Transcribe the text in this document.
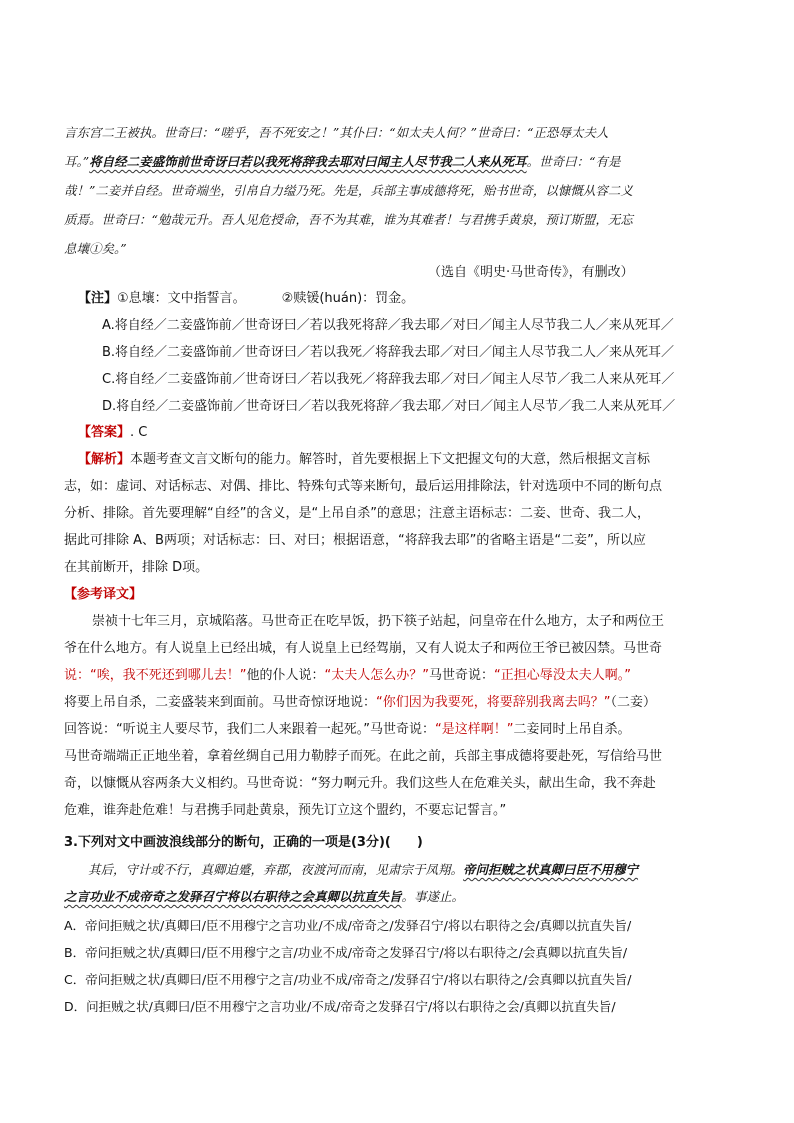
言东宫二王被执。世奇曰：“嗟乎，吾不死安之！”其仆曰：“如太夫人何？”世奇曰：“正恐辱太夫人
耳。”将自经二妾盛饰前世奇讶曰若以我死将辞我去耶对曰闻主人尽节我二人来从死耳。世奇曰：“有是
哉！”二妾并自经。世奇端坐，引帛自力缢乃死。先是，兵部主事成德将死，贻书世奇，以慷慨从容二义
质焉。世奇曰：“勉哉元升。吾人见危授命，吾不为其难，谁为其难者！与君携手黄泉，预订斯盟，无忘
息壤①矣。”
（选自《明史·马世奇传》，有删改）
【注】①息壤：文中指誓言。	②赎锾(huán)：罚金。
A.将自经／二妾盛饰前／世奇讶曰／若以我死将辞／我去耶／对曰／闻主人尽节我二人／来从死耳／
B.将自经／二妾盛饰前／世奇讶曰／若以我死／将辞我去耶／对曰／闻主人尽节我二人／来从死耳／
C.将自经／二妾盛饰前／世奇讶曰／若以我死／将辞我去耶／对曰／闻主人尽节／我二人来从死耳／
D.将自经／二妾盛饰前／世奇讶曰／若以我死将辞／我去耶／对曰／闻主人尽节／我二人来从死耳／
【答案】. C
【解析】本题考查文言文断句的能力。解答时，首先要根据上下文把握文句的大意，然后根据文言标
志，如：虚词、对话标志、对偶、排比、特殊句式等来断句，最后运用排除法，针对选项中不同的断句点
分析、排除。首先要理解“自经”的含义，是“上吊自杀”的意思；注意主语标志：二妾、世奇、我二人，
据此可排除 A、B两项；对话标志：曰、对曰；根据语意，“将辞我去耶”的省略主语是“二妾”，所以应
在其前断开，排除 D项。
【参考译文】
崇祯十七年三月，京城陷落。马世奇正在吃早饭，扔下筷子站起，问皇帝在什么地方，太子和两位王
爷在什么地方。有人说皇上已经出城，有人说皇上已经驾崩，又有人说太子和两位王爷已被囚禁。马世奇
说：“唉，我不死还到哪儿去！”他的仆人说：“太夫人怎么办？”马世奇说：“正担心辱没太夫人啊。”
将要上吊自杀，二妾盛装来到面前。马世奇惊讶地说：“你们因为我要死，将要辞别我离去吗？”（二妾）
回答说：“听说主人要尽节，我们二人来跟着一起死。”马世奇说：“是这样啊！”二妾同时上吊自杀。
马世奇端端正正地坐着，拿着丝绸自己用力勒脖子而死。在此之前，兵部主事成德将要赴死，写信给马世
奇，以慷慨从容两条大义相约。马世奇说：“努力啊元升。我们这些人在危难关头，献出生命，我不奔赴
危难，谁奔赴危难！与君携手同赴黄泉，预先订立这个盟约，不要忘记誓言。”
3.下列对文中画波浪线部分的断句，正确的一项是(3分)(　　)
其后，守计或不行，真卿迫蹙，弃郡，夜渡河而南，见肃宗于凤翔。帝问拒贼之状真卿曰臣不用穆宁
之言功业不成帝奇之发驿召宁将以右职待之会真卿以抗直失旨。事遂止。
A．帝问拒贼之状/真卿曰/臣不用穆宁之言功业/不成/帝奇之/发驿召宁/将以右职待之会/真卿以抗直失旨/
B．帝问拒贼之状/真卿曰/臣不用穆宁之言/功业不成/帝奇之发驿召宁/将以右职待之/会真卿以抗直失旨/
C．帝问拒贼之状/真卿曰/臣不用穆宁之言/功业不成/帝奇之/发驿召宁/将以右职待之/会真卿以抗直失旨/
D．问拒贼之状/真卿曰/臣不用穆宁之言功业/不成/帝奇之发驿召宁/将以右职待之会/真卿以抗直失旨/
